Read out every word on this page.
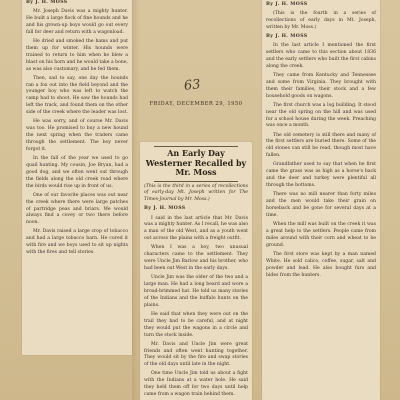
By J. H. MOSS

Mr. Joseph Davis was a mighty hunter. He built a large flock of fine hounds and he and his grown-up boys would go out every fall for deer and return with a wagonload.

He dried and smoked the hams and put them up for winter. His hounds were trained to return to him when he blew a blast on his horn and he would take a bone, as was also customary, and he fed them.

Then, sad to say, one day the hounds ran a fox out into the field beyond and the younger boy who was left to watch the camp had to shoot. He saw the hounds had left the track, and found them on the other side of the creek where the leader was lost.

He was sorry, and of course Mr. Davis was too. He promised to buy a new hound the next spring when the traders came through the settlement. The boy never forgot it.

In the fall of the year we used to go quail hunting. My cousin, Joe Bryan, had a good dog, and we often went out through the fields along the old creek road where the birds would rise up in front of us.

One of our favorite places was out near the creek where there were large patches of partridge peas and briars. We would always find a covey or two there before noon.

Mr. Davis raised a large crop of tobacco and had a large tobacco barn. He cured it with fire and we boys used to sit up nights with the fires and tell stories.

63
FRIDAY, DECEMBER 29, 1950
An Early Day Westerner Recalled by Mr. Moss

(This is the third in a series of recollections of early-day Mt. Joseph written for The Times-Journal by Mr. Moss.)

By J. H. MOSS

I said in the last article that Mr. Davis was a mighty hunter. As I recall, he was also a man of the old West, and as a youth went out across the plains with a freight outfit.

When I was a boy, two unusual characters came to the settlement. They were Uncle Jim Barlow and his brother, who had been out West in the early days.

Uncle Jim was the older of the two and a large man. He had a long beard and wore a broad-brimmed hat. He told us many stories of the Indians and the buffalo hunts on the plains.

He said that when they were out on the trail they had to be careful, and at night they would put the wagons in a circle and turn the stock inside.

Mr. Davis and Uncle Jim were great friends and often went hunting together. They would sit by the fire and swap stories of the old days until late in the night.

One time Uncle Jim told us about a fight with the Indians at a water hole. He said they held them off for two days until help came from a wagon train behind them.

By J. H. MOSS

(This is the fourth in a series of recollections of early days in Mt. Joseph, written by Mr. Moss.)

By J. H. MOSS

In the last article I mentioned the first settlers who came to this section about 1836 and the early settlers who built the first cabins along the creek.

They came from Kentucky and Tennessee and some from Virginia. They brought with them their families, their stock and a few household goods on wagons.

The first church was a log building. It stood near the old spring on the hill and was used for a school house during the week. Preaching was once a month.

The old cemetery is still there and many of the first settlers are buried there. Some of the old stones can still be read, though most have fallen.

Grandfather used to say that when he first came the grass was as high as a horse's back and the deer and turkey were plentiful all through the bottoms.

There was no mill nearer than forty miles and the men would take their grain on horseback and be gone for several days at a time.

When the mill was built on the creek it was a great help to the settlers. People came from miles around with their corn and wheat to be ground.

The first store was kept by a man named White. He sold calico, coffee, sugar, salt and powder and lead. He also bought furs and hides from the hunters.
